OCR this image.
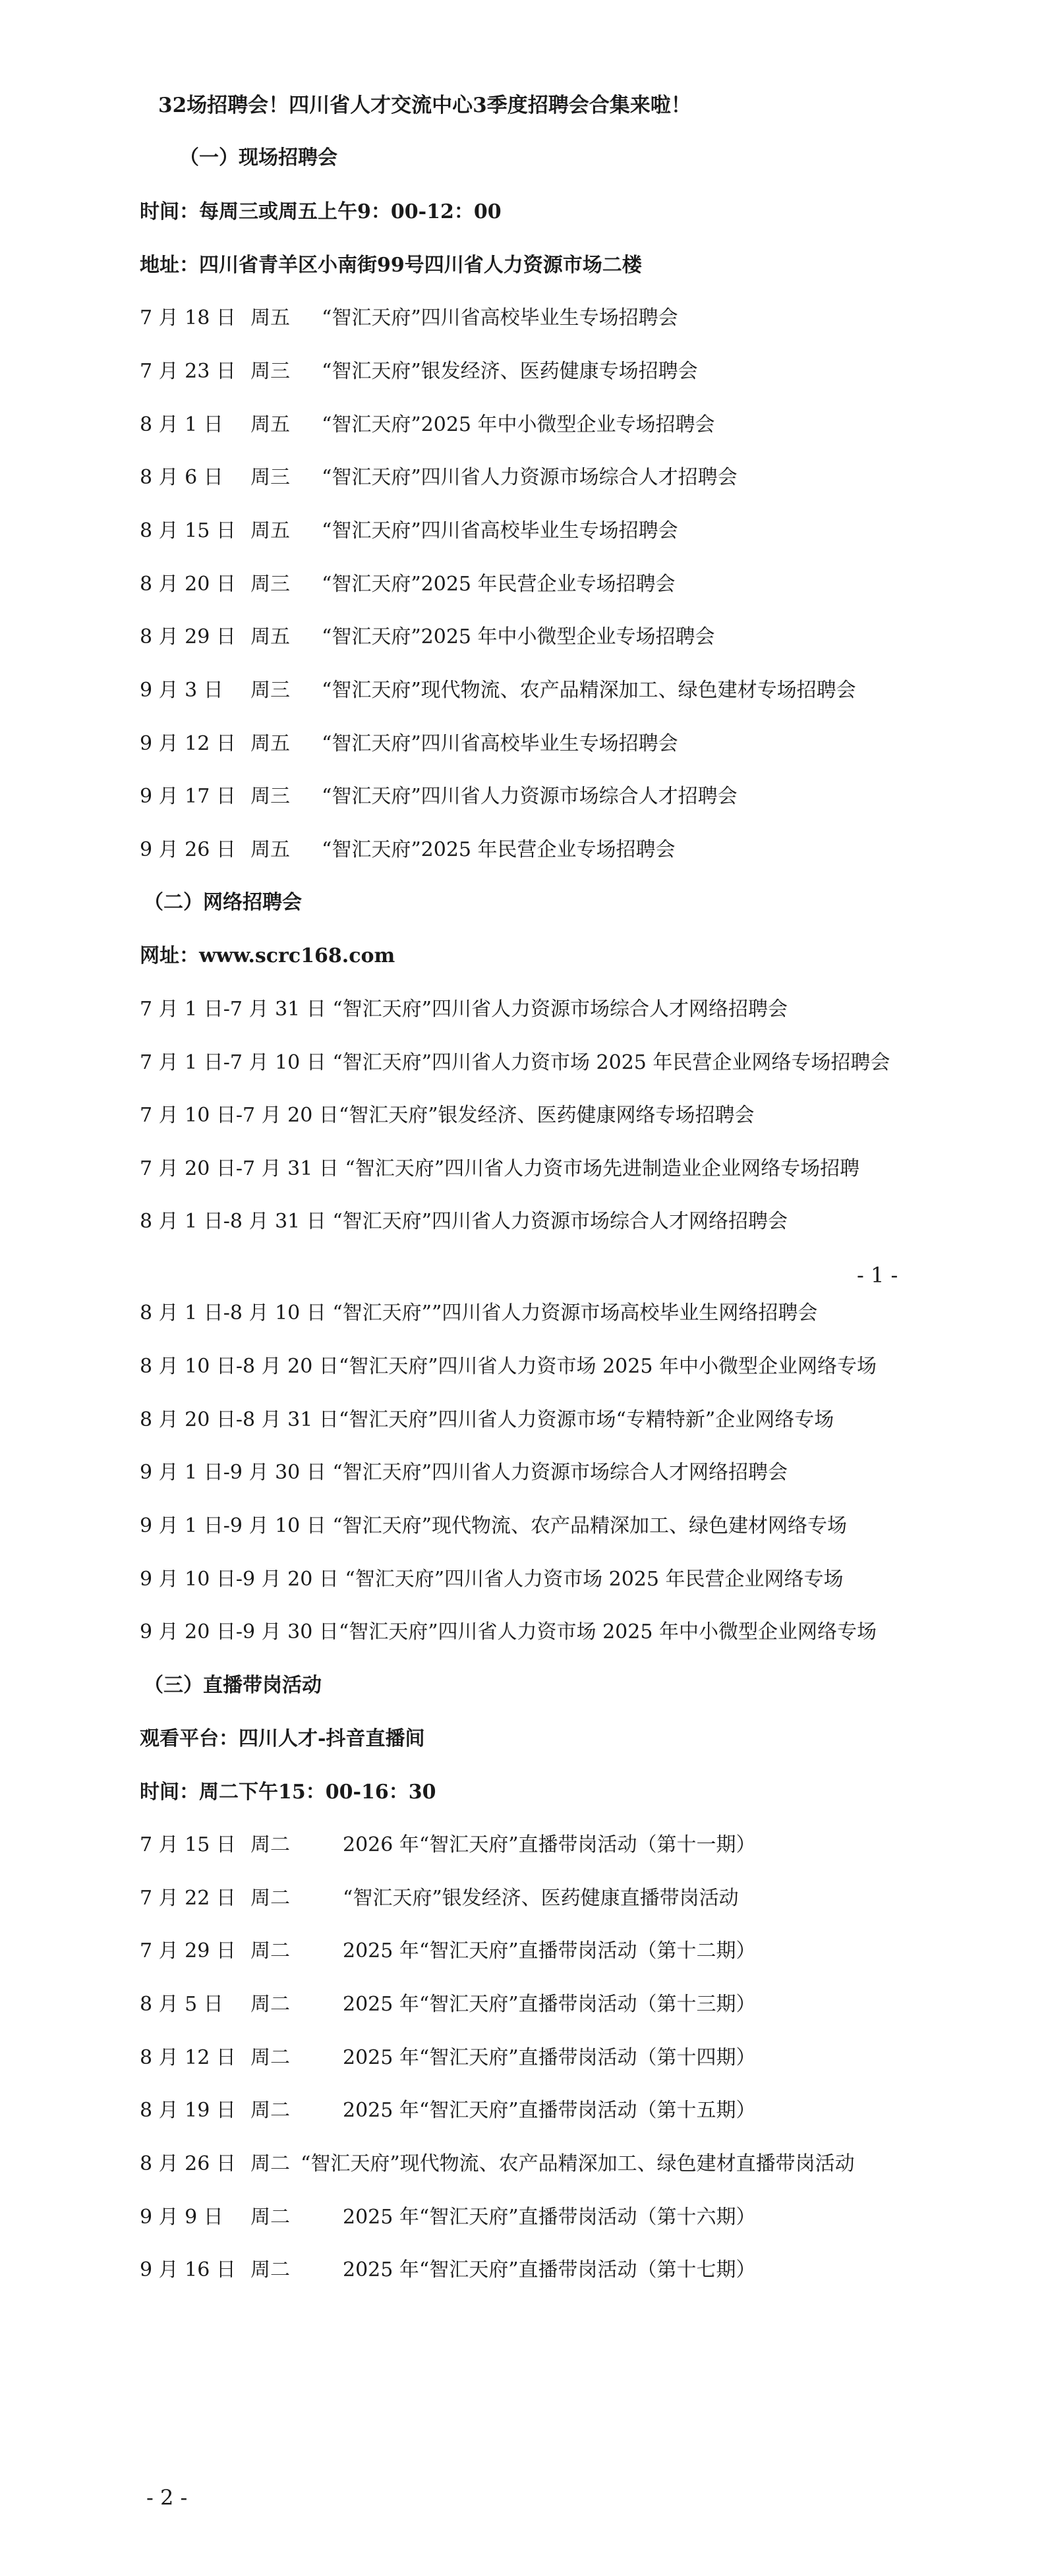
32场招聘会！四川省人才交流中心3季度招聘会合集来啦！
（一）现场招聘会
时间：每周三或周五上午9：00-12：00
地址：四川省青羊区小南街99号四川省人力资源市场二楼
7 月 18 日 周五 “智汇天府”四川省高校毕业生专场招聘会
7 月 23 日 周三 “智汇天府”银发经济、医药健康专场招聘会
8 月 1 日 周五 “智汇天府”2025 年中小微型企业专场招聘会
8 月 6 日 周三 “智汇天府”四川省人力资源市场综合人才招聘会
8 月 15 日 周五 “智汇天府”四川省高校毕业生专场招聘会
8 月 20 日 周三 “智汇天府”2025 年民营企业专场招聘会
8 月 29 日 周五 “智汇天府”2025 年中小微型企业专场招聘会
9 月 3 日 周三 “智汇天府”现代物流、农产品精深加工、绿色建材专场招聘会
9 月 12 日 周五 “智汇天府”四川省高校毕业生专场招聘会
9 月 17 日 周三 “智汇天府”四川省人力资源市场综合人才招聘会
9 月 26 日 周五 “智汇天府”2025 年民营企业专场招聘会
（二）网络招聘会
网址：www.scrc168.com
7 月 1 日-7 月 31 日 “智汇天府”四川省人力资源市场综合人才网络招聘会
7 月 1 日-7 月 10 日 “智汇天府”四川省人力资市场 2025 年民营企业网络专场招聘会
7 月 10 日-7 月 20 日“智汇天府”银发经济、医药健康网络专场招聘会
7 月 20 日-7 月 31 日 “智汇天府”四川省人力资市场先进制造业企业网络专场招聘
8 月 1 日-8 月 31 日 “智汇天府”四川省人力资源市场综合人才网络招聘会
- 1 -
8 月 1 日-8 月 10 日 “智汇天府””四川省人力资源市场高校毕业生网络招聘会
8 月 10 日-8 月 20 日“智汇天府”四川省人力资市场 2025 年中小微型企业网络专场
8 月 20 日-8 月 31 日“智汇天府”四川省人力资源市场“专精特新”企业网络专场
9 月 1 日-9 月 30 日 “智汇天府”四川省人力资源市场综合人才网络招聘会
9 月 1 日-9 月 10 日 “智汇天府”现代物流、农产品精深加工、绿色建材网络专场
9 月 10 日-9 月 20 日 “智汇天府”四川省人力资市场 2025 年民营企业网络专场
9 月 20 日-9 月 30 日“智汇天府”四川省人力资市场 2025 年中小微型企业网络专场
（三）直播带岗活动
观看平台：四川人才-抖音直播间
时间：周二下午15：00-16：30
7 月 15 日 周二	2026 年“智汇天府”直播带岗活动（第十一期）
7 月 22 日 周二	“智汇天府”银发经济、医药健康直播带岗活动
7 月 29 日 周二	2025 年“智汇天府”直播带岗活动（第十二期）
8 月 5 日 周二	2025 年“智汇天府”直播带岗活动（第十三期）
8 月 12 日 周二	2025 年“智汇天府”直播带岗活动（第十四期）
8 月 19 日 周二	2025 年“智汇天府”直播带岗活动（第十五期）
8 月 26 日 周二 “智汇天府”现代物流、农产品精深加工、绿色建材直播带岗活动
9 月 9 日 周二	2025 年“智汇天府”直播带岗活动（第十六期）
9 月 16 日 周二	2025 年“智汇天府”直播带岗活动（第十七期）
- 2 -
